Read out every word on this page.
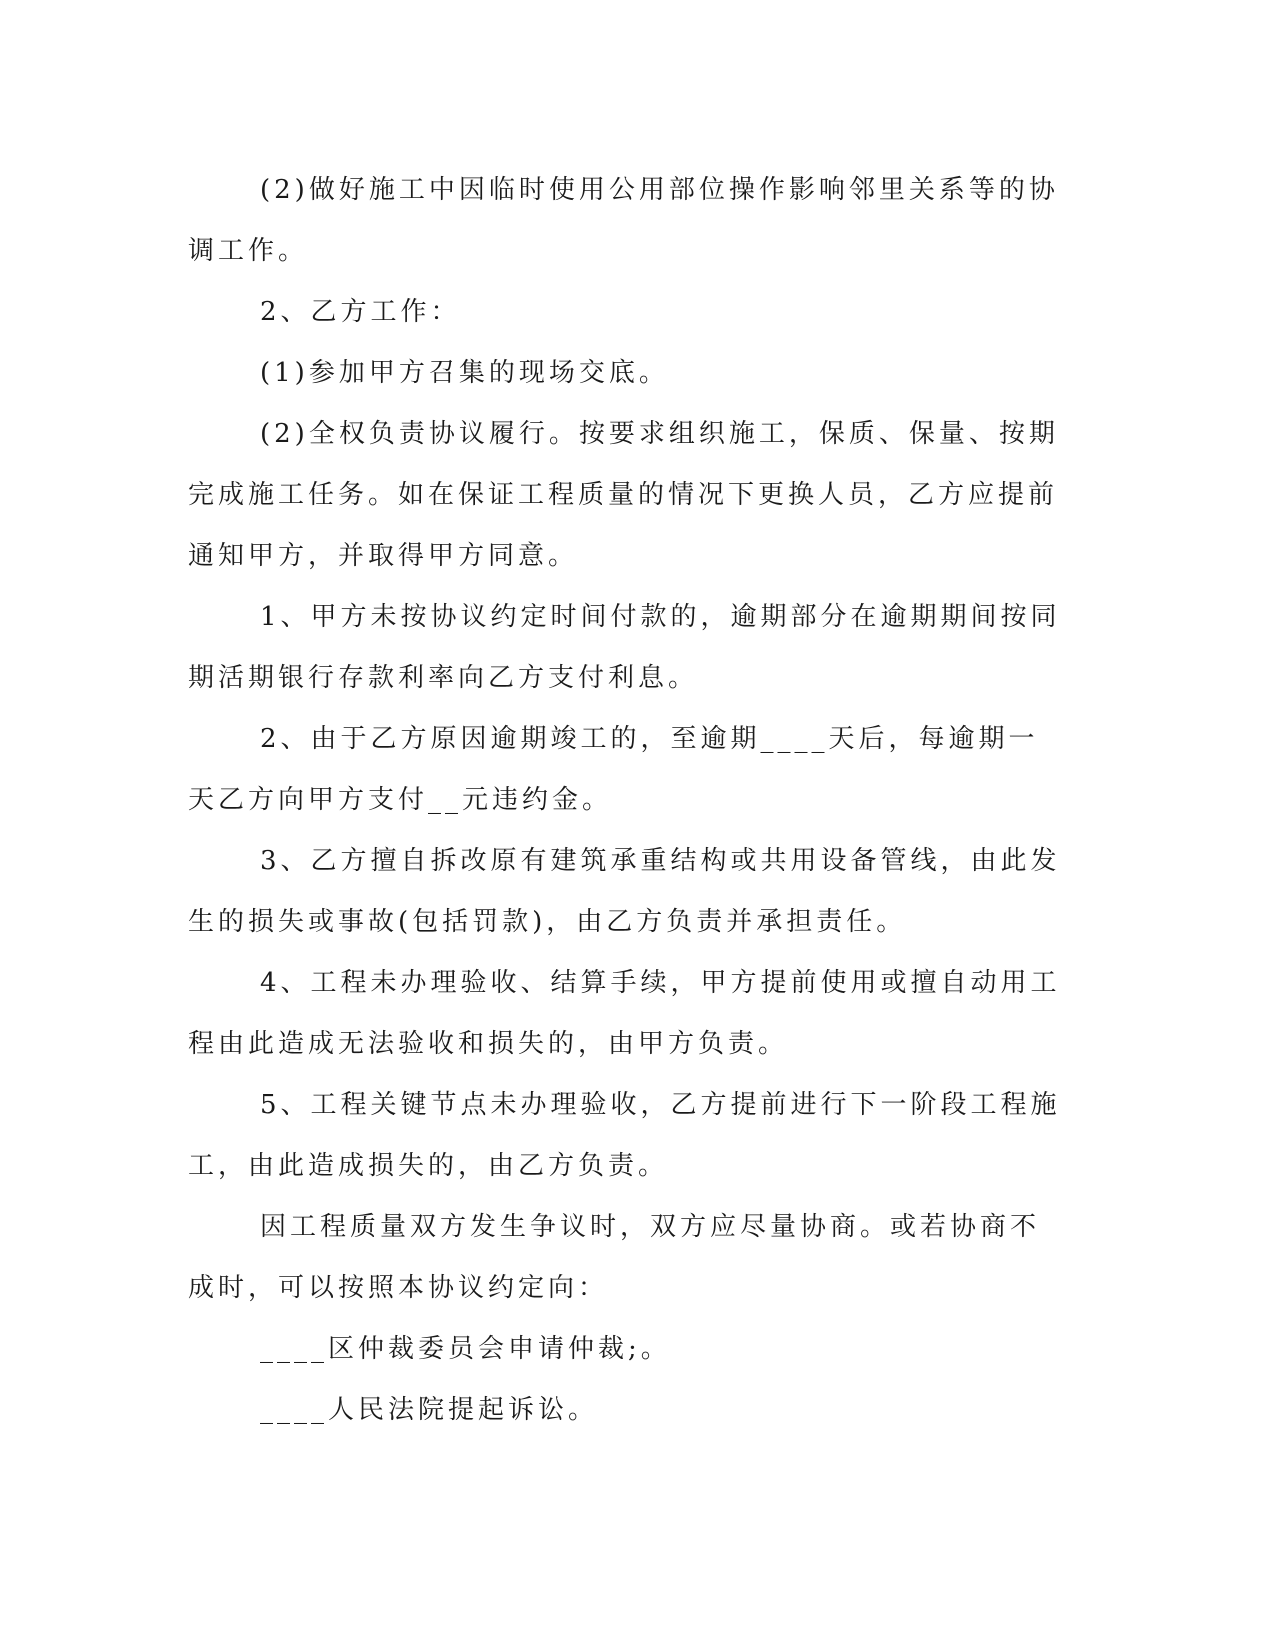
(2)做好施工中因临时使用公用部位操作影响邻里关系等的协调工作。

2、乙方工作：

(1)参加甲方召集的现场交底。

(2)全权负责协议履行。按要求组织施工，保质、保量、按期完成施工任务。如在保证工程质量的情况下更换人员，乙方应提前通知甲方，并取得甲方同意。

1、甲方未按协议约定时间付款的，逾期部分在逾期期间按同期活期银行存款利率向乙方支付利息。

2、由于乙方原因逾期竣工的，至逾期____天后，每逾期一天乙方向甲方支付__元违约金。

3、乙方擅自拆改原有建筑承重结构或共用设备管线，由此发生的损失或事故(包括罚款)，由乙方负责并承担责任。

4、工程未办理验收、结算手续，甲方提前使用或擅自动用工程由此造成无法验收和损失的，由甲方负责。

5、工程关键节点未办理验收，乙方提前进行下一阶段工程施工，由此造成损失的，由乙方负责。

因工程质量双方发生争议时，双方应尽量协商。或若协商不成时，可以按照本协议约定向：

____区仲裁委员会申请仲裁;。

____人民法院提起诉讼。
